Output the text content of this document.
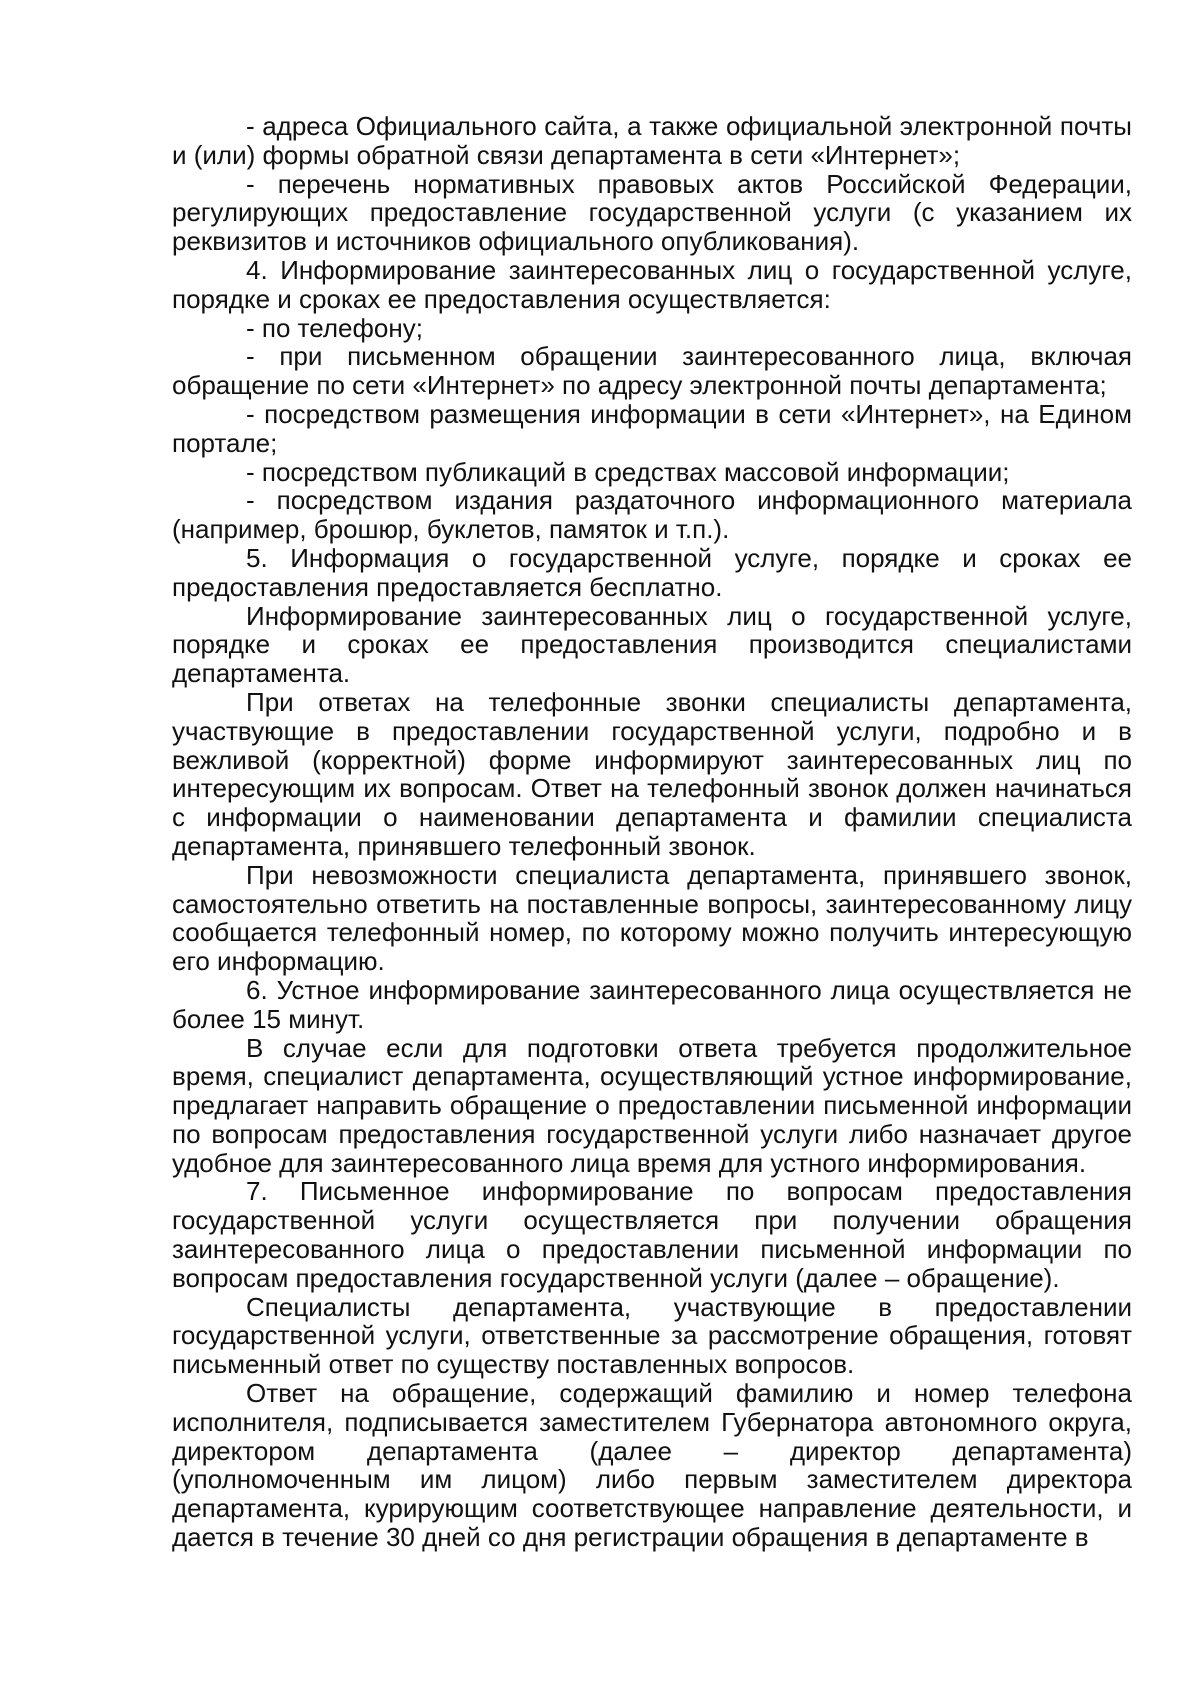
- адреса Официального сайта, а также официальной электронной почты и (или) формы обратной связи департамента в сети «Интернет»;

- перечень нормативных правовых актов Российской Федерации, регулирующих предоставление государственной услуги (с указанием их реквизитов и источников официального опубликования).

4. Информирование заинтересованных лиц о государственной услуге, порядке и сроках ее предоставления осуществляется:

- по телефону;

- при письменном обращении заинтересованного лица, включая обращение по сети «Интернет» по адресу электронной почты департамента;

- посредством размещения информации в сети «Интернет», на Едином портале;

- посредством публикаций в средствах массовой информации;

- посредством издания раздаточного информационного материала (например, брошюр, буклетов, памяток и т.п.).

5. Информация о государственной услуге, порядке и сроках ее предоставления предоставляется бесплатно.

Информирование заинтересованных лиц о государственной услуге, порядке и сроках ее предоставления производится специалистами департамента.

При ответах на телефонные звонки специалисты департамента, участвующие в предоставлении государственной услуги, подробно и в вежливой (корректной) форме информируют заинтересованных лиц по интересующим их вопросам. Ответ на телефонный звонок должен начинаться с информации о наименовании департамента и фамилии специалиста департамента, принявшего телефонный звонок.

При невозможности специалиста департамента, принявшего звонок, самостоятельно ответить на поставленные вопросы, заинтересованному лицу сообщается телефонный номер, по которому можно получить интересующую его информацию.

6. Устное информирование заинтересованного лица осуществляется не более 15 минут.

В случае если для подготовки ответа требуется продолжительное время, специалист департамента, осуществляющий устное информирование, предлагает направить обращение о предоставлении письменной информации по вопросам предоставления государственной услуги либо назначает другое удобное для заинтересованного лица время для устного информирования.

7. Письменное информирование по вопросам предоставления государственной услуги осуществляется при получении обращения заинтересованного лица о предоставлении письменной информации по вопросам предоставления государственной услуги (далее – обращение).

Специалисты департамента, участвующие в предоставлении государственной услуги, ответственные за рассмотрение обращения, готовят письменный ответ по существу поставленных вопросов.

Ответ на обращение, содержащий фамилию и номер телефона исполнителя, подписывается заместителем Губернатора автономного округа, директором департамента (далее – директор департамента) (уполномоченным им лицом) либо первым заместителем директора департамента, курирующим соответствующее направление деятельности, и дается в течение 30 дней со дня регистрации обращения в департаменте в
